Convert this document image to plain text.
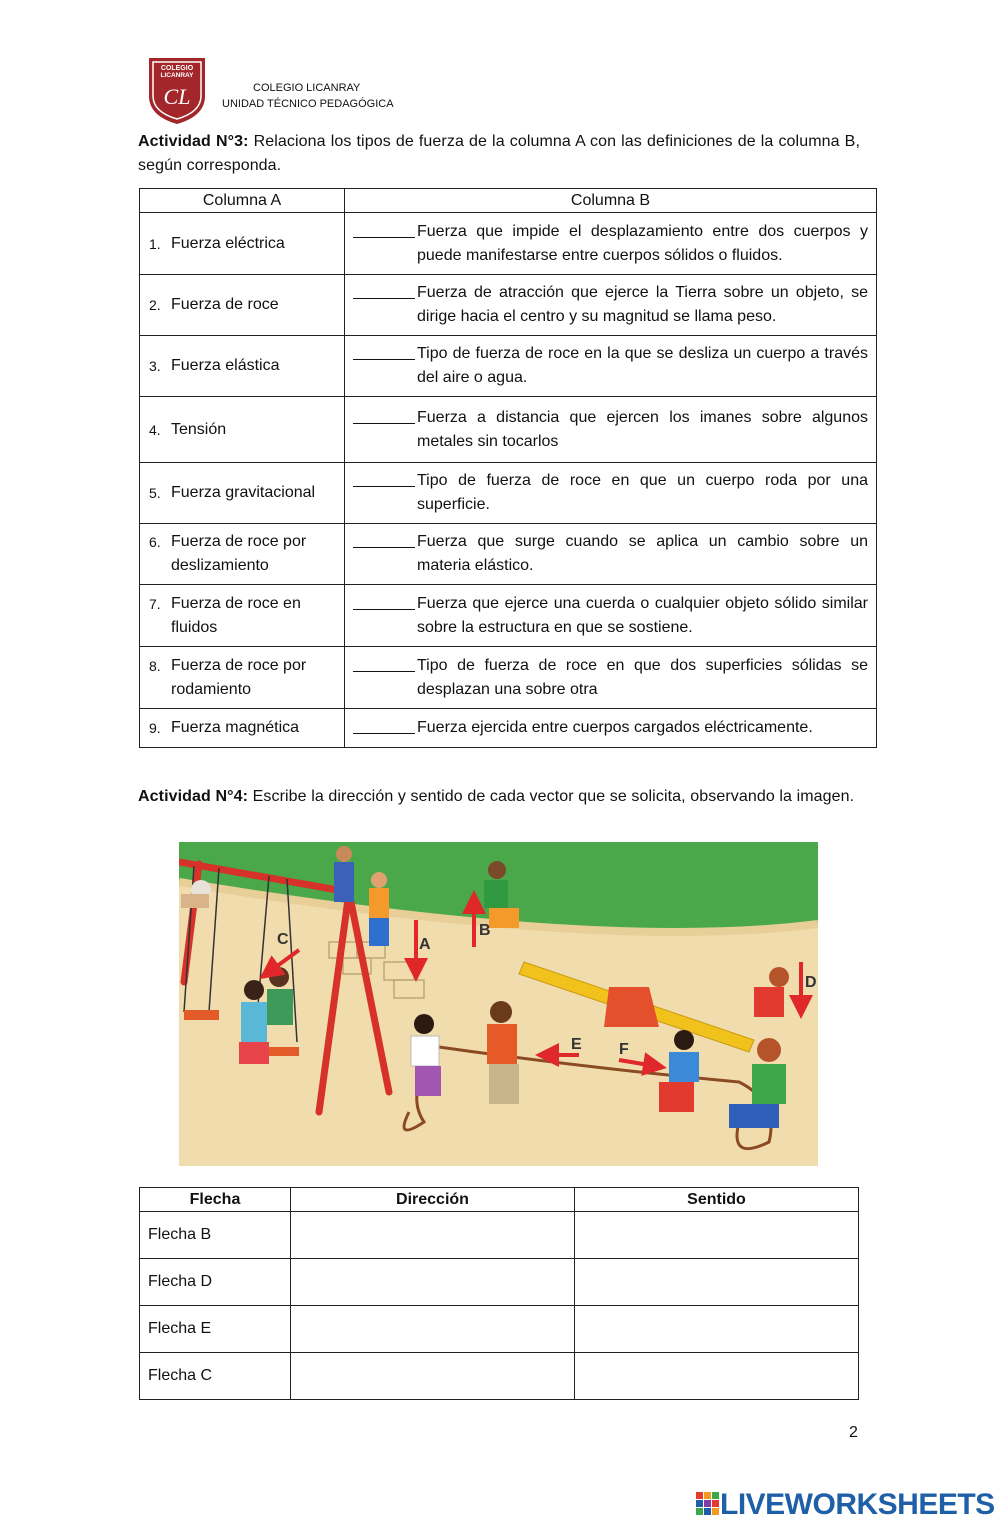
COLEGIO
LICANRAY
CL	COLEGIO LICANRAY
UNIDAD TÉCNICO PEDAGÓGICA
Actividad N°3: Relaciona los tipos de fuerza de la columna A con las definiciones de la columna B, según corresponda.
Columna A	Columna B

1. Fuerza eléctrica	Fuerza que impide el desplazamiento entre dos cuerpos y puede manifestarse entre cuerpos sólidos o fluidos.

2. Fuerza de roce	Fuerza de atracción que ejerce la Tierra sobre un objeto, se dirige hacia el centro y su magnitud se llama peso.

3. Fuerza elástica	Tipo de fuerza de roce en la que se desliza un cuerpo a través del aire o agua.

4. Tensión	Fuerza a distancia que ejercen los imanes sobre algunos metales sin tocarlos

5. Fuerza gravitacional	Tipo de fuerza de roce en que un cuerpo roda por una superficie.

6. Fuerza de roce por deslizamiento	Fuerza que surge cuando se aplica un cambio sobre un materia elástico.

7. Fuerza de roce en fluidos	Fuerza que ejerce una cuerda o cualquier objeto sólido similar sobre la estructura en que se sostiene.

8. Fuerza de roce por rodamiento	Tipo de fuerza de roce en que dos superficies sólidas se desplazan una sobre otra

9. Fuerza magnética	Fuerza ejercida entre cuerpos cargados eléctricamente.
Actividad N°4: Escribe la dirección y sentido de cada vector que se solicita, observando la imagen.
A
B
C
D
E F
Flecha	Dirección	Sentido
Flecha B		
Flecha D		
Flecha E		
Flecha C		
2
LIVEWORKSHEETS
